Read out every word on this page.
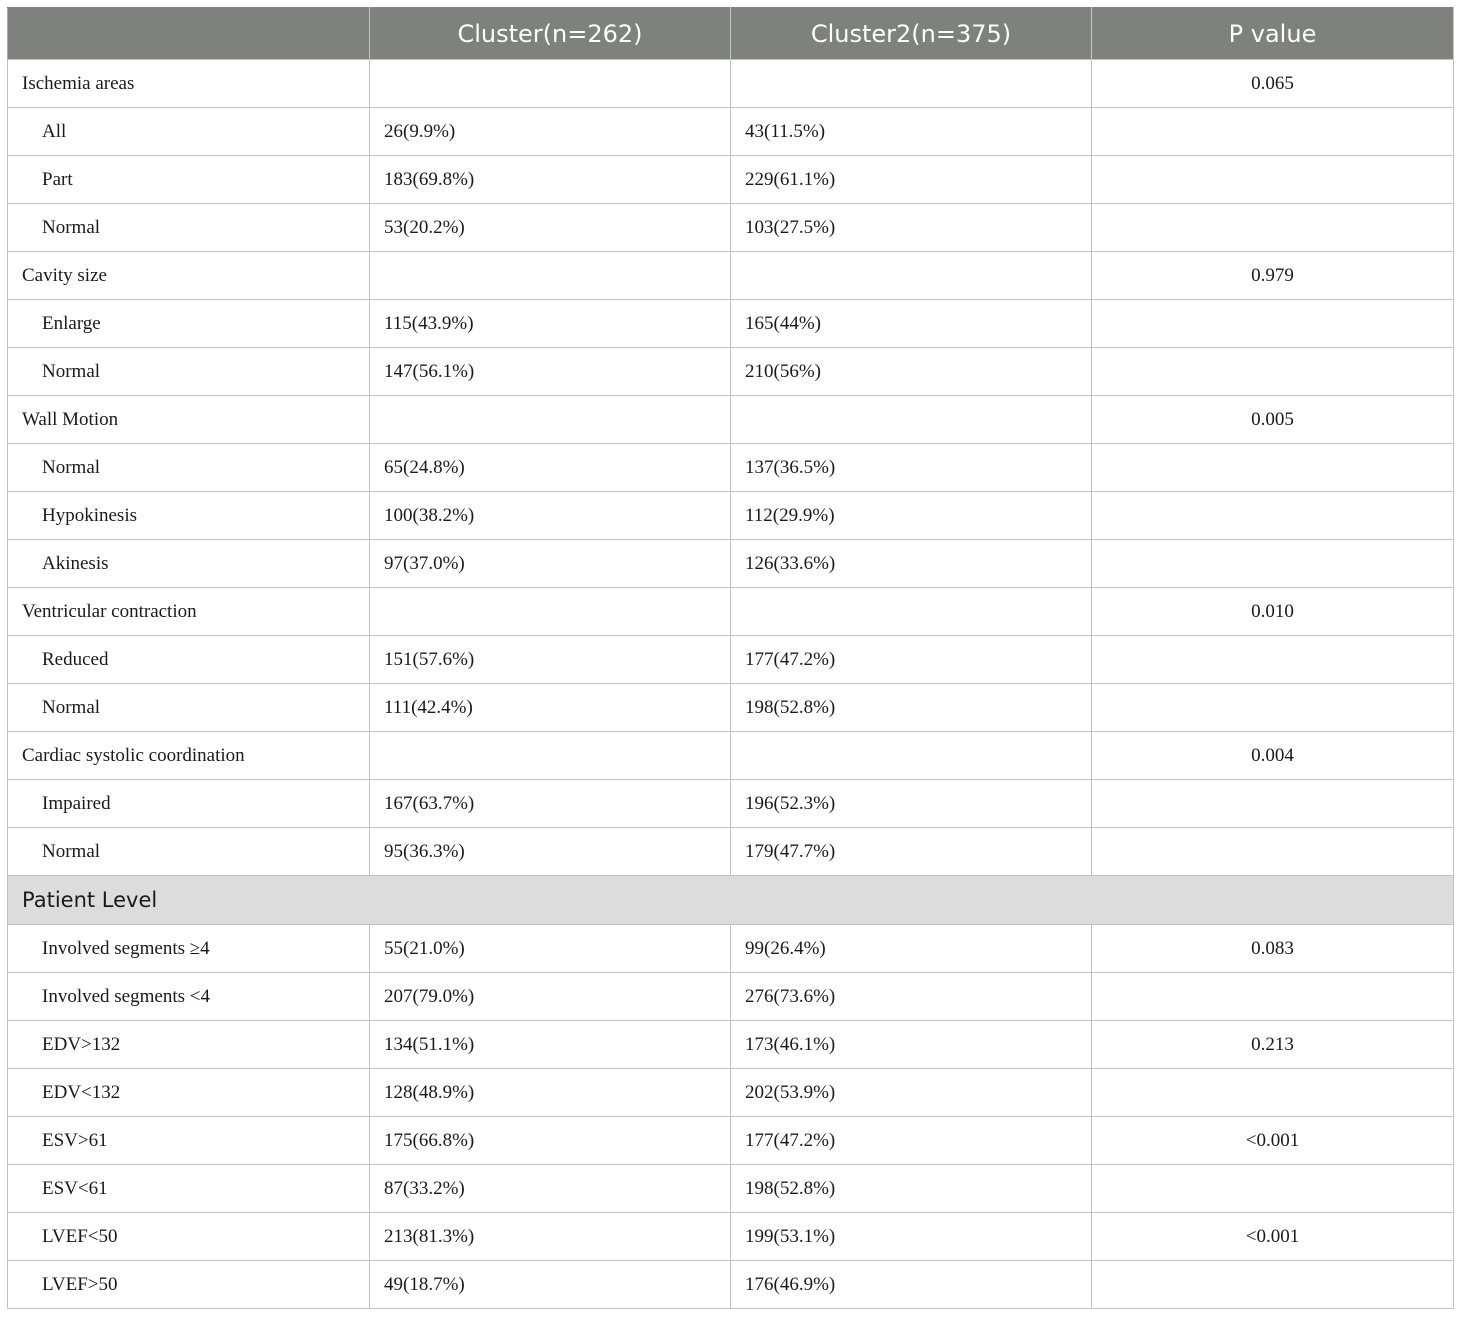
	Cluster(n=262)	Cluster2(n=375)	P value
Ischemia areas			0.065
All	26(9.9%)	43(11.5%)	
Part	183(69.8%)	229(61.1%)	
Normal	53(20.2%)	103(27.5%)	
Cavity size			0.979
Enlarge	115(43.9%)	165(44%)	
Normal	147(56.1%)	210(56%)	
Wall Motion			0.005
Normal	65(24.8%)	137(36.5%)	
Hypokinesis	100(38.2%)	112(29.9%)	
Akinesis	97(37.0%)	126(33.6%)	
Ventricular contraction			0.010
Reduced	151(57.6%)	177(47.2%)	
Normal	111(42.4%)	198(52.8%)	
Cardiac systolic coordination			0.004
Impaired	167(63.7%)	196(52.3%)	
Normal	95(36.3%)	179(47.7%)	
Patient Level			
Involved segments ≥4	55(21.0%)	99(26.4%)	0.083
Involved segments <4	207(79.0%)	276(73.6%)	
EDV>132	134(51.1%)	173(46.1%)	0.213
EDV<132	128(48.9%)	202(53.9%)	
ESV>61	175(66.8%)	177(47.2%)	<0.001
ESV<61	87(33.2%)	198(52.8%)	
LVEF<50	213(81.3%)	199(53.1%)	<0.001
LVEF>50	49(18.7%)	176(46.9%)	
